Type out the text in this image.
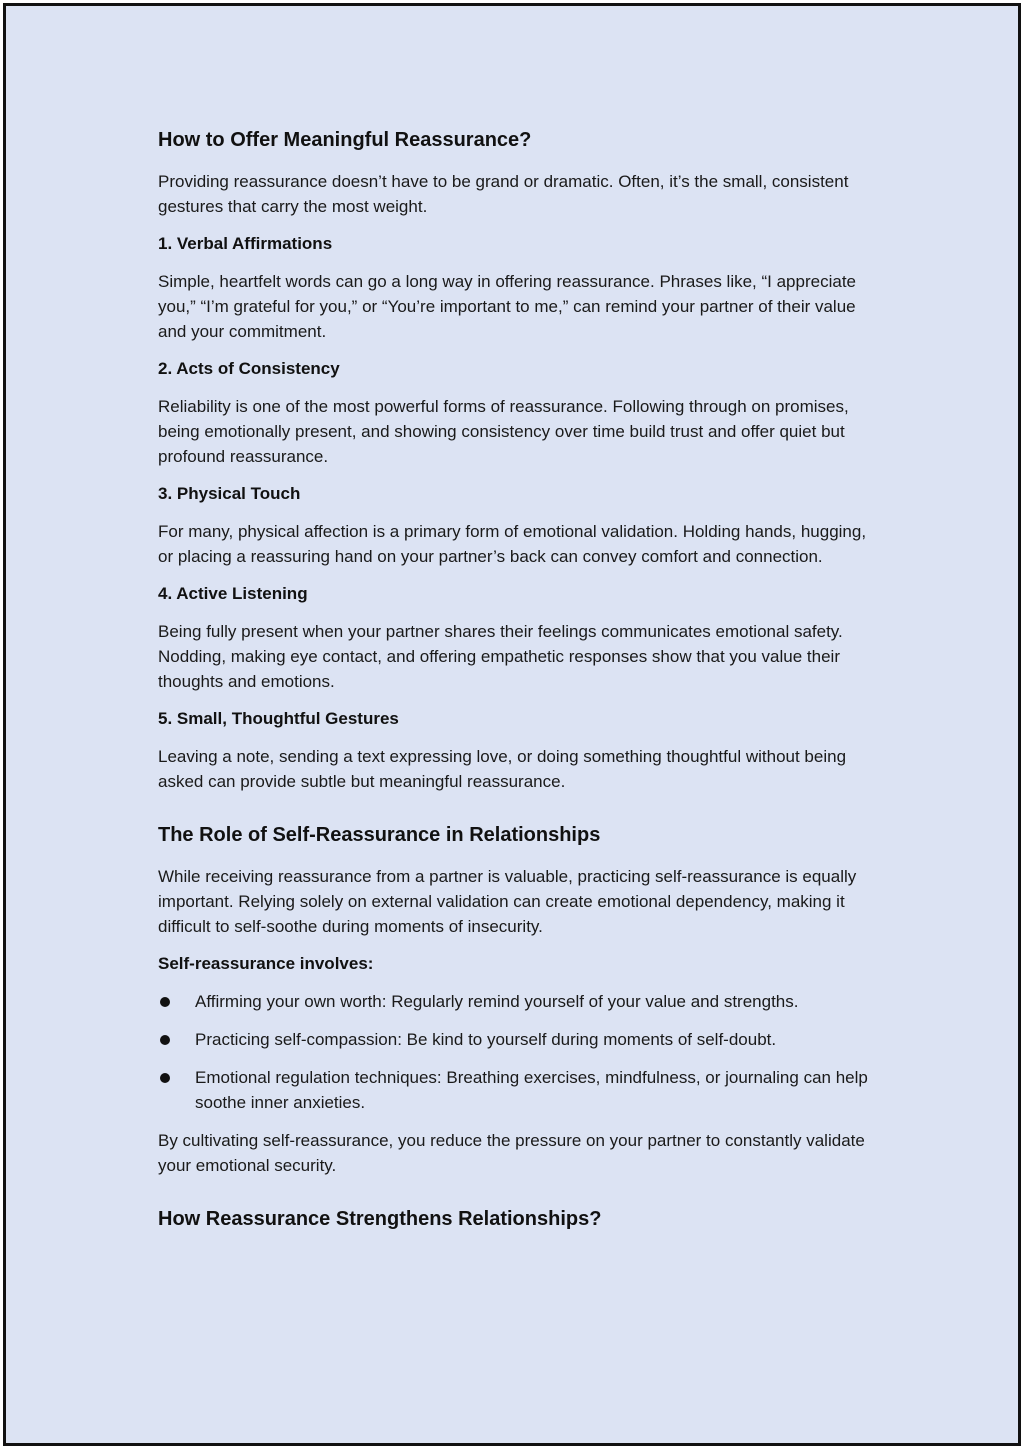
How to Offer Meaningful Reassurance?

Providing reassurance doesn’t have to be grand or dramatic. Often, it’s the small, consistent gestures that carry the most weight.

1. Verbal Affirmations

Simple, heartfelt words can go a long way in offering reassurance. Phrases like, “I appreciate you,” “I’m grateful for you,” or “You’re important to me,” can remind your partner of their value and your commitment.

2. Acts of Consistency

Reliability is one of the most powerful forms of reassurance. Following through on promises, being emotionally present, and showing consistency over time build trust and offer quiet but profound reassurance.

3. Physical Touch

For many, physical affection is a primary form of emotional validation. Holding hands, hugging, or placing a reassuring hand on your partner’s back can convey comfort and connection.

4. Active Listening

Being fully present when your partner shares their feelings communicates emotional safety. Nodding, making eye contact, and offering empathetic responses show that you value their thoughts and emotions.

5. Small, Thoughtful Gestures

Leaving a note, sending a text expressing love, or doing something thoughtful without being asked can provide subtle but meaningful reassurance.

The Role of Self-Reassurance in Relationships

While receiving reassurance from a partner is valuable, practicing self-reassurance is equally important. Relying solely on external validation can create emotional dependency, making it difficult to self-soothe during moments of insecurity.

Self-reassurance involves:
Affirming your own worth: Regularly remind yourself of your value and strengths.
Practicing self-compassion: Be kind to yourself during moments of self-doubt.
Emotional regulation techniques: Breathing exercises, mindfulness, or journaling can help soothe inner anxieties.

By cultivating self-reassurance, you reduce the pressure on your partner to constantly validate your emotional security.

How Reassurance Strengthens Relationships?
